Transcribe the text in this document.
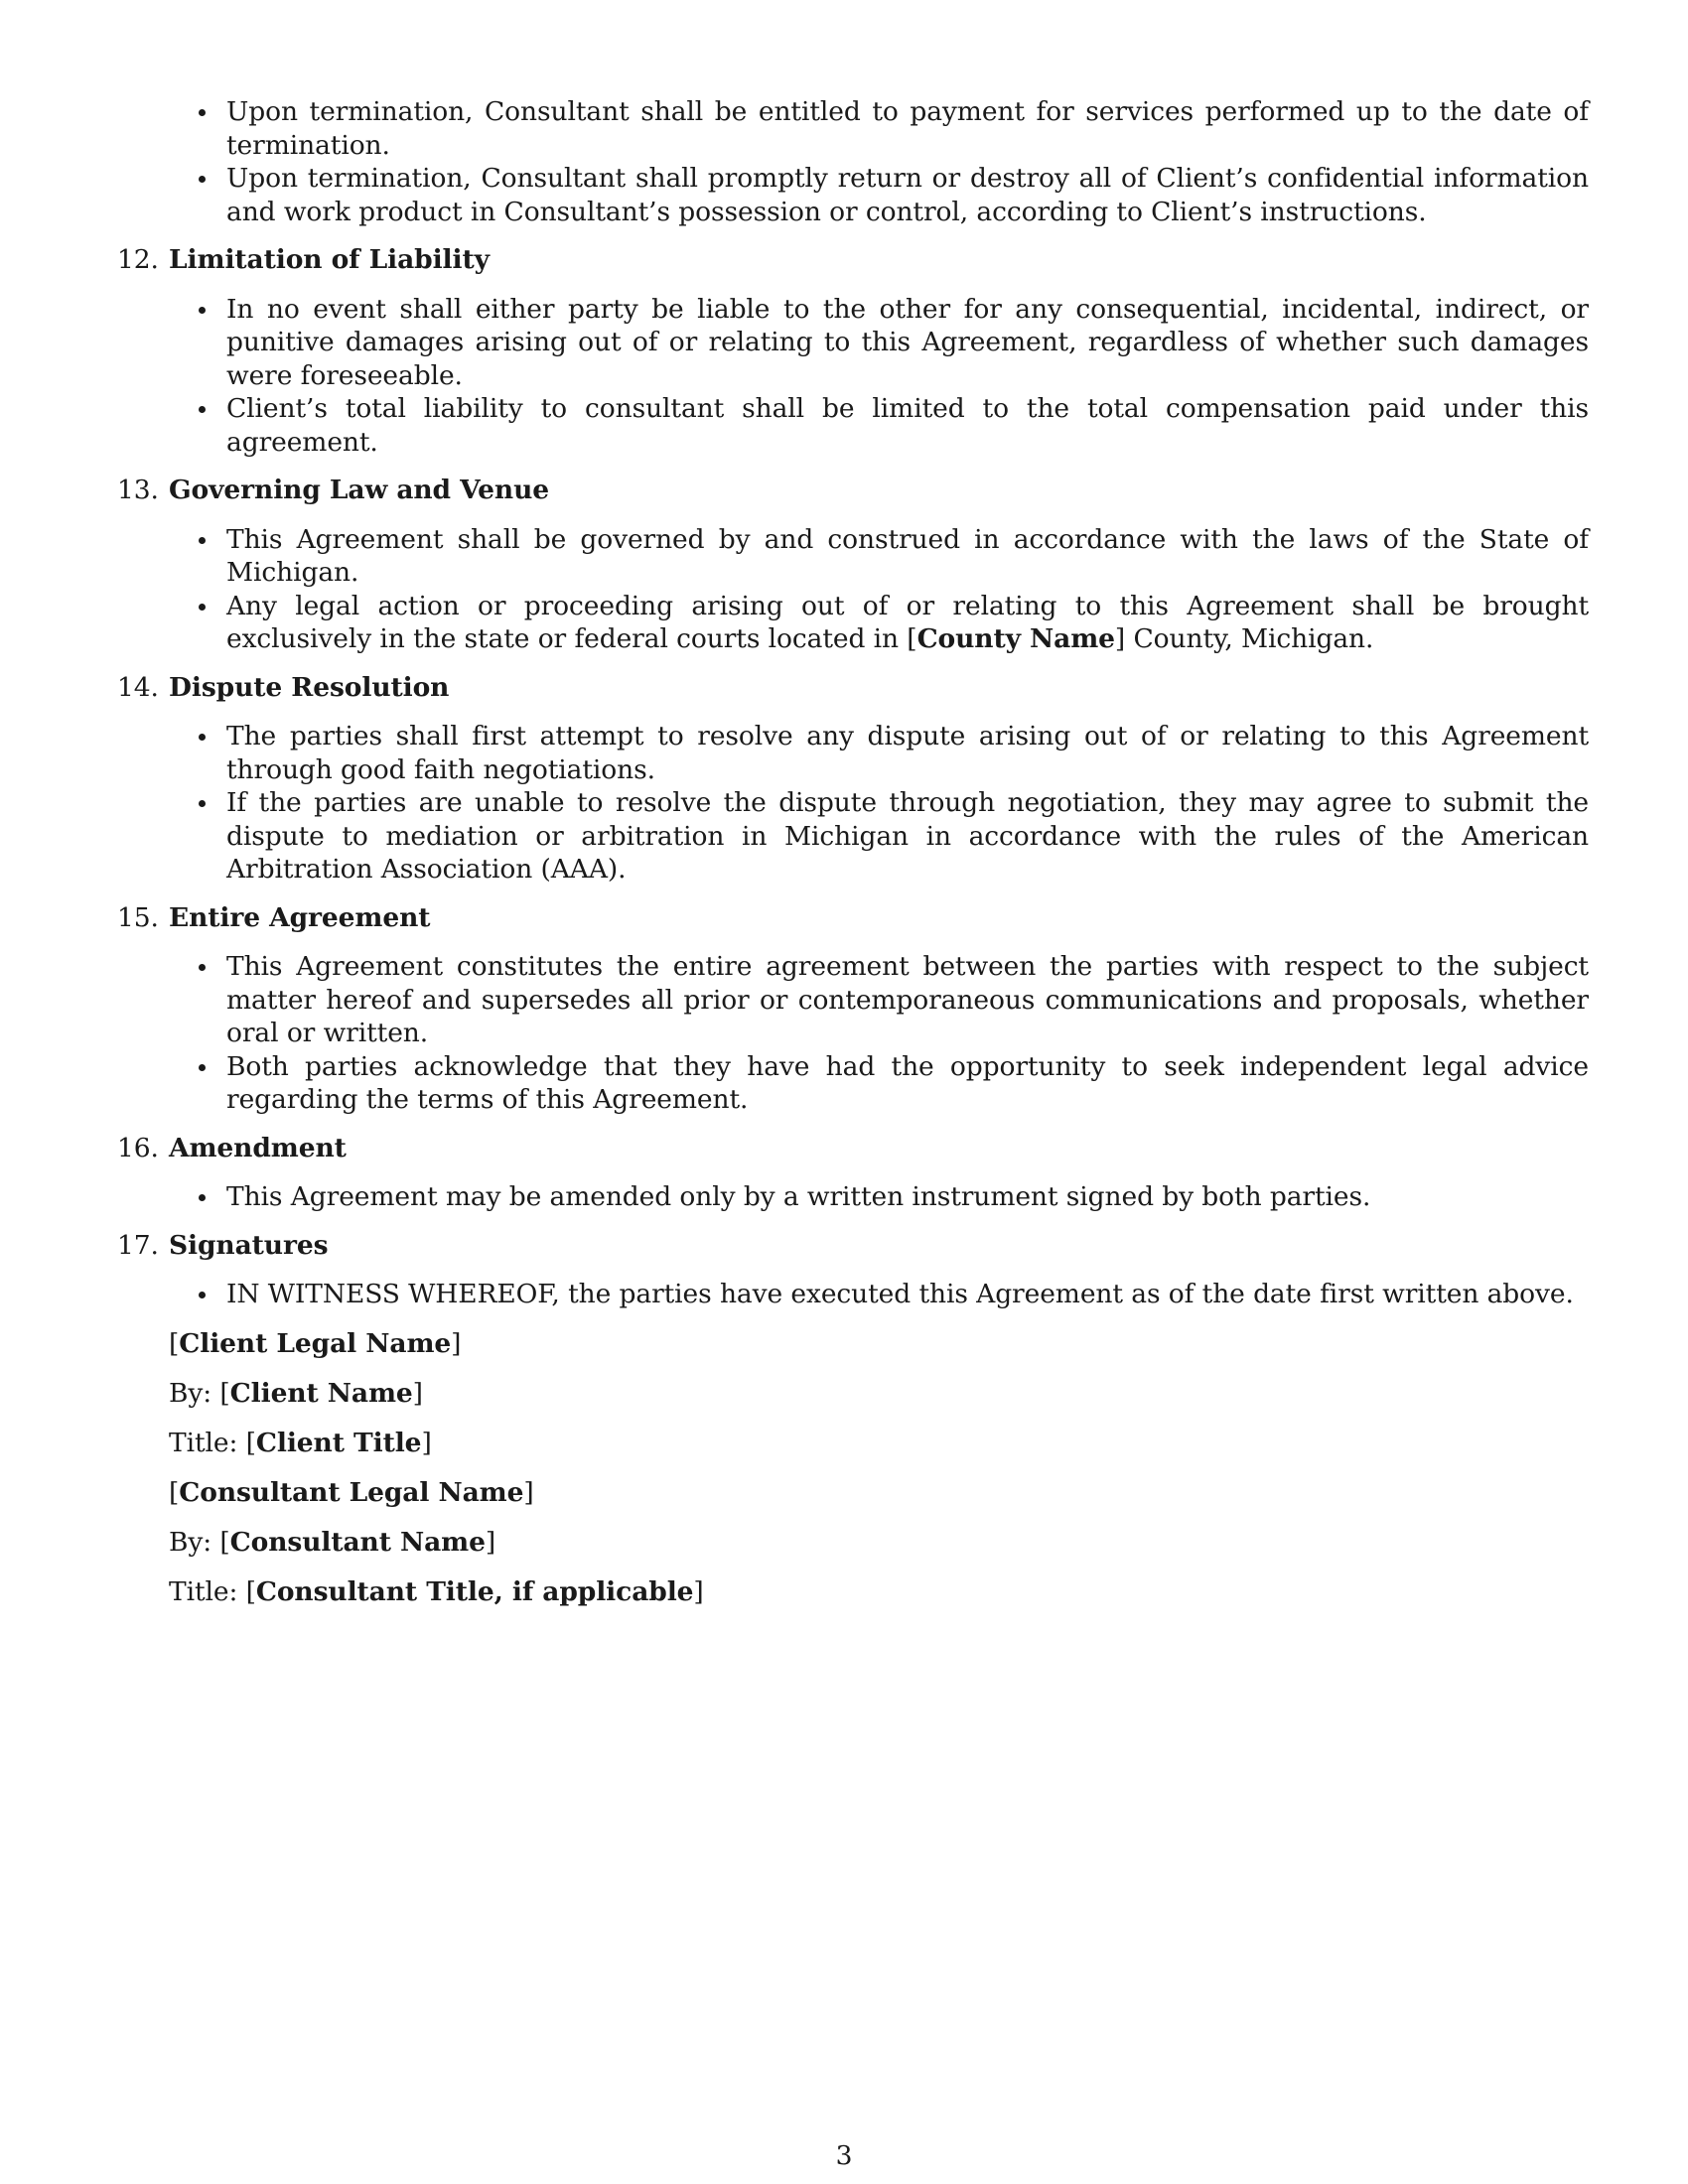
Upon termination, Consultant shall be entitled to payment for services performed up to the date of termination.
Upon termination, Consultant shall promptly return or destroy all of Client’s confidential information and work product in Consultant’s possession or control, according to Client’s instructions.
12. Limitation of Liability
In no event shall either party be liable to the other for any consequential, incidental, indirect, or punitive damages arising out of or relating to this Agreement, regardless of whether such damages were foreseeable.
Client’s total liability to consultant shall be limited to the total compensation paid under this agreement.
13. Governing Law and Venue
This Agreement shall be governed by and construed in accordance with the laws of the State of Michigan.
Any legal action or proceeding arising out of or relating to this Agreement shall be brought exclusively in the state or federal courts located in [County Name] County, Michigan.
14. Dispute Resolution
The parties shall first attempt to resolve any dispute arising out of or relating to this Agreement through good faith negotiations.
If the parties are unable to resolve the dispute through negotiation, they may agree to submit the dispute to mediation or arbitration in Michigan in accordance with the rules of the American Arbitration Association (AAA).
15. Entire Agreement
This Agreement constitutes the entire agreement between the parties with respect to the subject matter hereof and supersedes all prior or contemporaneous communications and proposals, whether oral or written.
Both parties acknowledge that they have had the opportunity to seek independent legal advice regarding the terms of this Agreement.
16. Amendment
This Agreement may be amended only by a written instrument signed by both parties.
17. Signatures
IN WITNESS WHEREOF, the parties have executed this Agreement as of the date first written above.
[Client Legal Name]
By: [Client Name]
Title: [Client Title]
[Consultant Legal Name]
By: [Consultant Name]
Title: [Consultant Title, if applicable]
3
